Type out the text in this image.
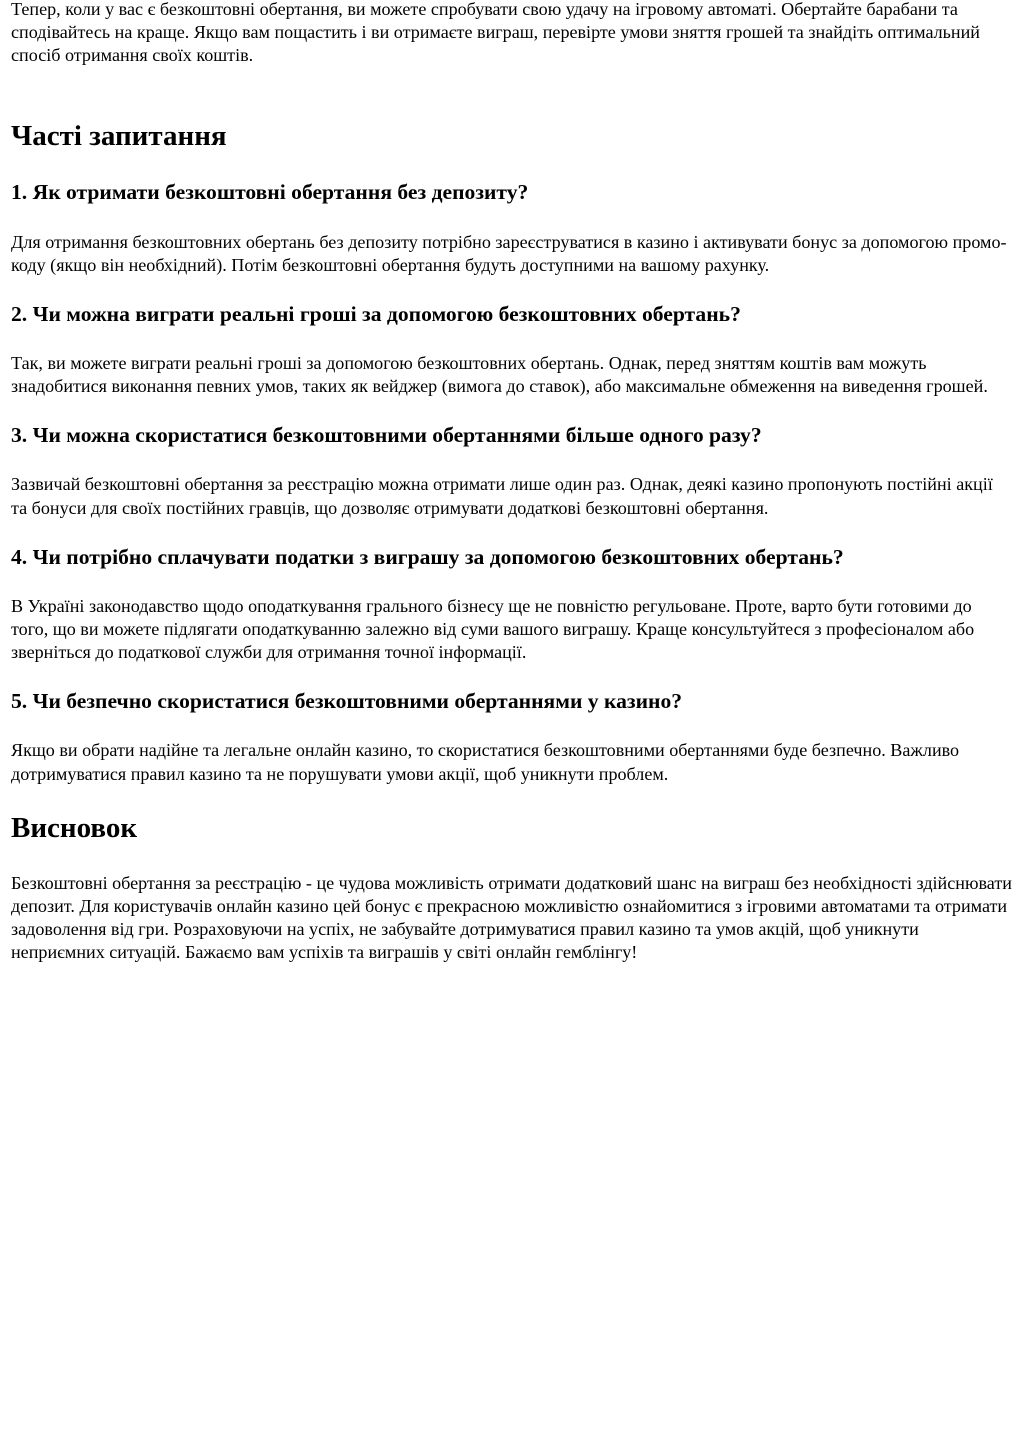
Тепер, коли у вас є безкоштовні обертання, ви можете спробувати свою удачу на ігровому автоматі. Обертайте барабани та сподівайтесь на краще. Якщо вам пощастить і ви отримаєте виграш, перевірте умови зняття грошей та знайдіть оптимальний спосіб отримання своїх коштів.

Часті запитання
1. Як отримати безкоштовні обертання без депозиту?

Для отримання безкоштовних обертань без депозиту потрібно зареєструватися в казино і активувати бонус за допомогою промо-коду (якщо він необхідний). Потім безкоштовні обертання будуть доступними на вашому рахунку.

2. Чи можна виграти реальні гроші за допомогою безкоштовних обертань?

Так, ви можете виграти реальні гроші за допомогою безкоштовних обертань. Однак, перед зняттям коштів вам можуть знадобитися виконання певних умов, таких як вейджер (вимога до ставок), або максимальне обмеження на виведення грошей.

3. Чи можна скористатися безкоштовними обертаннями більше одного разу?

Зазвичай безкоштовні обертання за реєстрацію можна отримати лише один раз. Однак, деякі казино пропонують постійні акції та бонуси для своїх постійних гравців, що дозволяє отримувати додаткові безкоштовні обертання.

4. Чи потрібно сплачувати податки з виграшу за допомогою безкоштовних обертань?

В Україні законодавство щодо оподаткування грального бізнесу ще не повністю регульоване. Проте, варто бути готовими до того, що ви можете підлягати оподаткуванню залежно від суми вашого виграшу. Краще консультуйтеся з професіоналом або зверніться до податкової служби для отримання точної інформації.

5. Чи безпечно скористатися безкоштовними обертаннями у казино?

Якщо ви обрати надійне та легальне онлайн казино, то скористатися безкоштовними обертаннями буде безпечно. Важливо дотримуватися правил казино та не порушувати умови акції, щоб уникнути проблем.

Висновок

Безкоштовні обертання за реєстрацію - це чудова можливість отримати додатковий шанс на виграш без необхідності здійснювати депозит. Для користувачів онлайн казино цей бонус є прекрасною можливістю ознайомитися з ігровими автоматами та отримати задоволення від гри. Розраховуючи на успіх, не забувайте дотримуватися правил казино та умов акцій, щоб уникнути неприємних ситуацій. Бажаємо вам успіхів та виграшів у світі онлайн гемблінгу!
